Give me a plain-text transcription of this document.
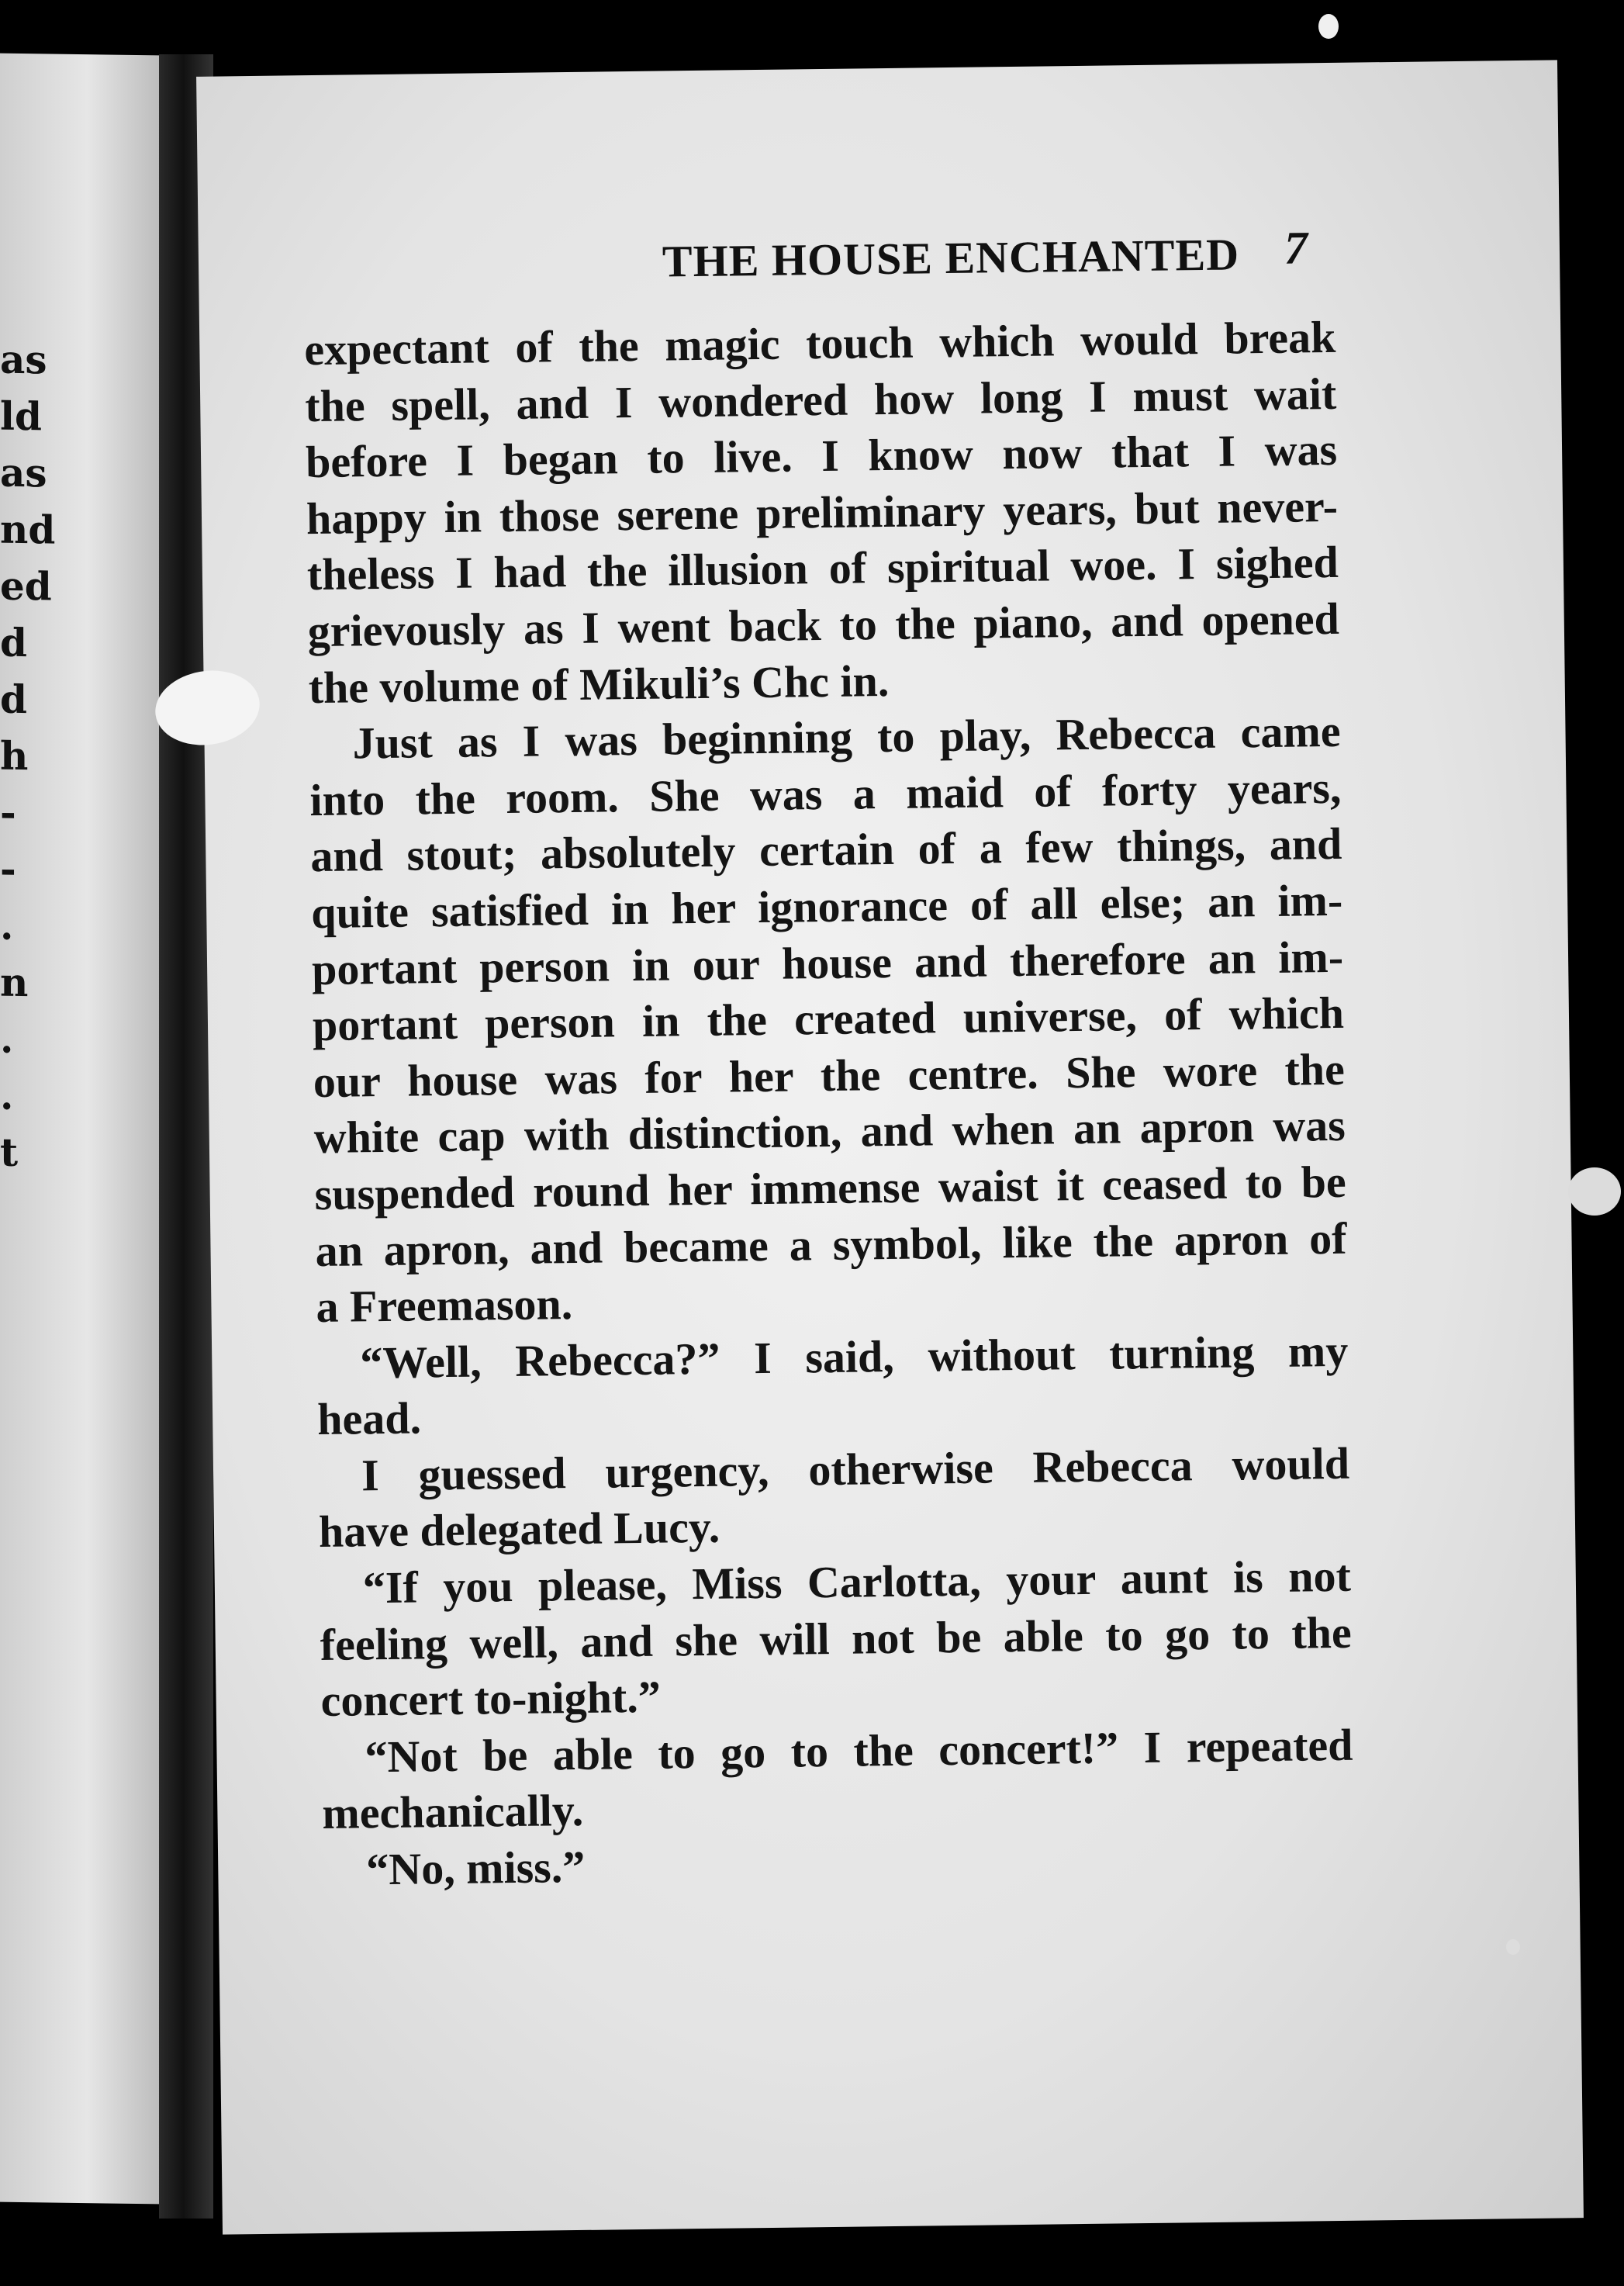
as
ld
as
nd
ed
d
d
h
-
-
.
n
.
.
t
THE HOUSE ENCHANTED 7
expectant of the magic touch which would break
the spell, and I wondered how long I must wait
before I began to live. I know now that I was
happy in those serene preliminary years, but never-
theless I had the illusion of spiritual woe. I sighed
grievously as I went back to the piano, and opened
the volume of Mikuli’s Chc in.
Just as I was beginning to play, Rebecca came
into the room. She was a maid of forty years,
and stout; absolutely certain of a few things, and
quite satisfied in her ignorance of all else; an im-
portant person in our house and therefore an im-
portant person in the created universe, of which
our house was for her the centre. She wore the
white cap with distinction, and when an apron was
suspended round her immense waist it ceased to be
an apron, and became a symbol, like the apron of
a Freemason.
“Well, Rebecca?” I said, without turning my
head.
I guessed urgency, otherwise Rebecca would
have delegated Lucy.
“If you please, Miss Carlotta, your aunt is not
feeling well, and she will not be able to go to the
concert to-night.”
“Not be able to go to the concert!” I repeated
mechanically.
“No, miss.”
